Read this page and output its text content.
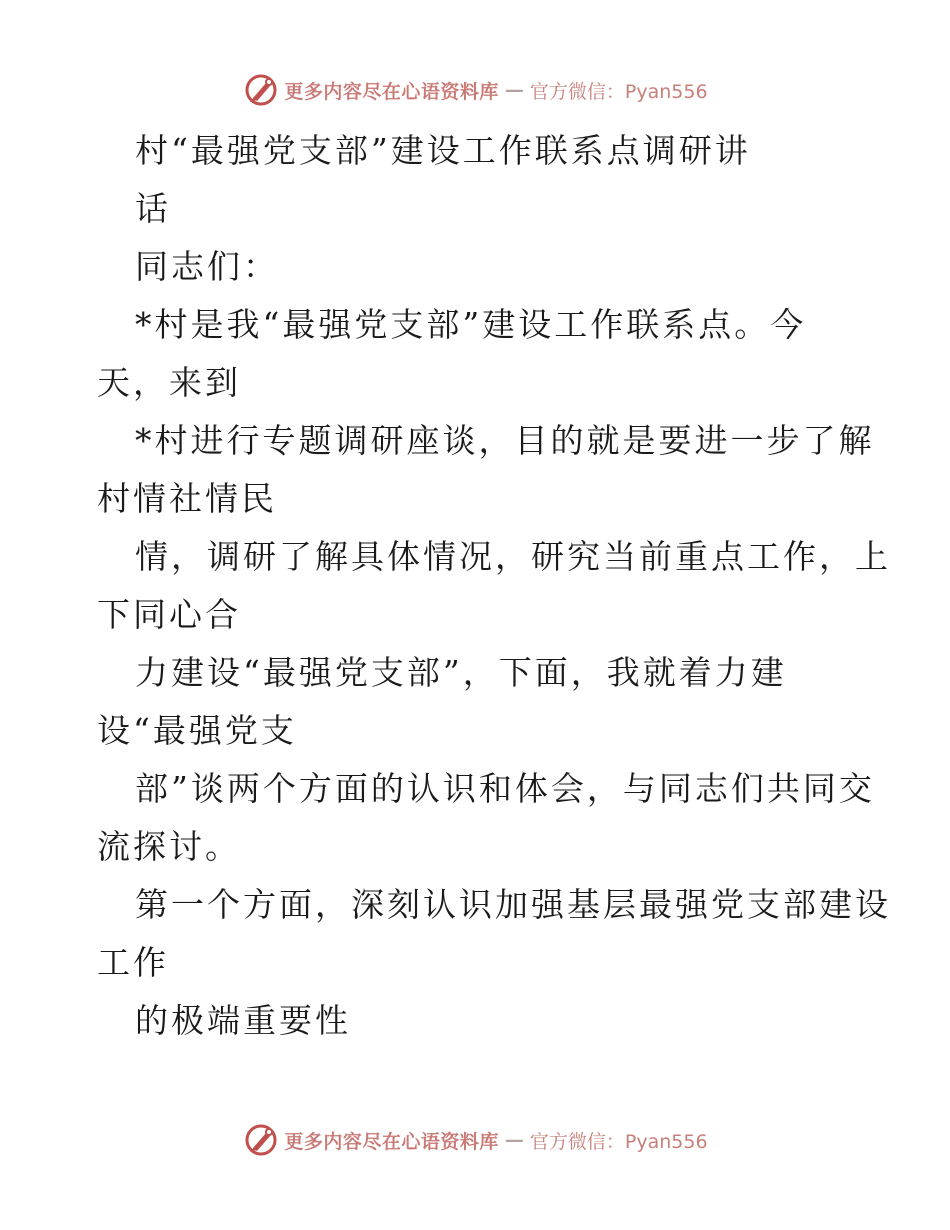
更多内容尽在心语资料库 — 官方微信：Pyan556
村“最强党支部”建设工作联系点调研讲
话
同志们：
*村是我“最强党支部”建设工作联系点。今
天，来到
*村进行专题调研座谈，目的就是要进一步了解
村情社情民
情，调研了解具体情况，研究当前重点工作，上
下同心合
力建设“最强党支部”，下面，我就着力建
设“最强党支
部”谈两个方面的认识和体会，与同志们共同交
流探讨。
第一个方面，深刻认识加强基层最强党支部建设
工作
的极端重要性
更多内容尽在心语资料库 — 官方微信：Pyan556
